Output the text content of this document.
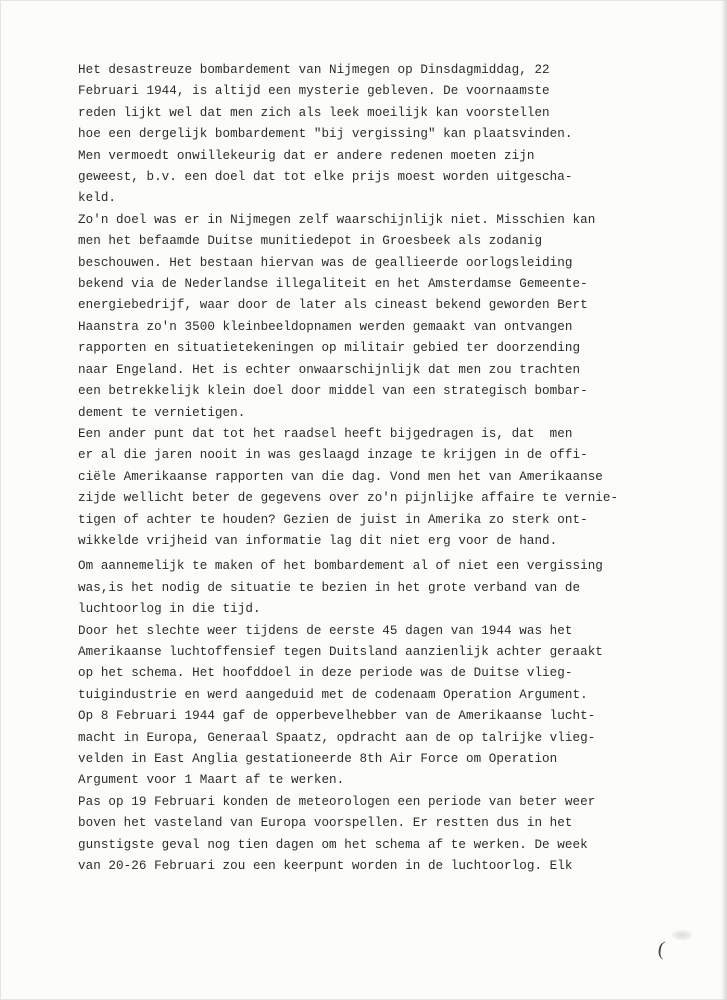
Het desastreuze bombardement van Nijmegen op Dinsdagmiddag, 22
Februari 1944, is altijd een mysterie gebleven. De voornaamste
reden lijkt wel dat men zich als leek moeilijk kan voorstellen
hoe een dergelijk bombardement "bij vergissing" kan plaatsvinden.
Men vermoedt onwillekeurig dat er andere redenen moeten zijn
geweest, b.v. een doel dat tot elke prijs moest worden uitgescha-
keld.
Zo'n doel was er in Nijmegen zelf waarschijnlijk niet. Misschien kan
men het befaamde Duitse munitiedepot in Groesbeek als zodanig
beschouwen. Het bestaan hiervan was de geallieerde oorlogsleiding
bekend via de Nederlandse illegaliteit en het Amsterdamse Gemeente-
energiebedrijf, waar door de later als cineast bekend geworden Bert
Haanstra zo'n 3500 kleinbeeldopnamen werden gemaakt van ontvangen
rapporten en situatietekeningen op militair gebied ter doorzending
naar Engeland. Het is echter onwaarschijnlijk dat men zou trachten
een betrekkelijk klein doel door middel van een strategisch bombar-
dement te vernietigen.
Een ander punt dat tot het raadsel heeft bijgedragen is, dat  men
er al die jaren nooit in was geslaagd inzage te krijgen in de offi-
ciële Amerikaanse rapporten van die dag. Vond men het van Amerikaanse
zijde wellicht beter de gegevens over zo'n pijnlijke affaire te vernie-
tigen of achter te houden? Gezien de juist in Amerika zo sterk ont-
wikkelde vrijheid van informatie lag dit niet erg voor de hand.
Om aannemelijk te maken of het bombardement al of niet een vergissing
was,is het nodig de situatie te bezien in het grote verband van de
luchtoorlog in die tijd.
Door het slechte weer tijdens de eerste 45 dagen van 1944 was het
Amerikaanse luchtoffensief tegen Duitsland aanzienlijk achter geraakt
op het schema. Het hoofddoel in deze periode was de Duitse vlieg-
tuigindustrie en werd aangeduid met de codenaam Operation Argument.
Op 8 Februari 1944 gaf de opperbevelhebber van de Amerikaanse lucht-
macht in Europa, Generaal Spaatz, opdracht aan de op talrijke vlieg-
velden in East Anglia gestationeerde 8th Air Force om Operation
Argument voor 1 Maart af te werken.
Pas op 19 Februari konden de meteorologen een periode van beter weer
boven het vasteland van Europa voorspellen. Er restten dus in het
gunstigste geval nog tien dagen om het schema af te werken. De week
van 20-26 Februari zou een keerpunt worden in de luchtoorlog. Elk
(
